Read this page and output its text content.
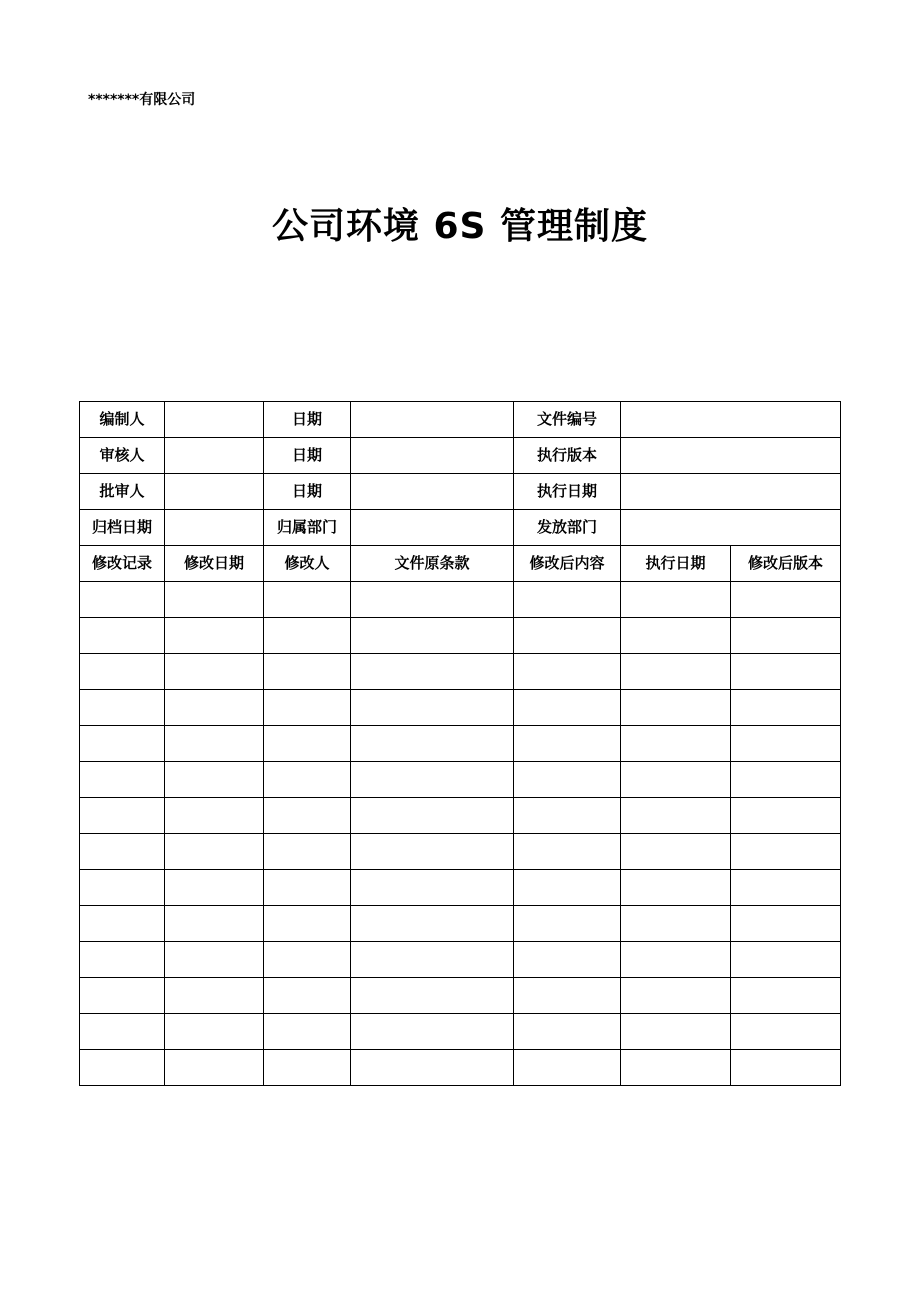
*******有限公司
公司环境 6S 管理制度
编制人		日期		文件编号		
审核人		日期		执行版本		
批审人		日期		执行日期		
归档日期		归属部门		发放部门		
修改记录	修改日期	修改人	文件原条款	修改后内容	执行日期	修改后版本
